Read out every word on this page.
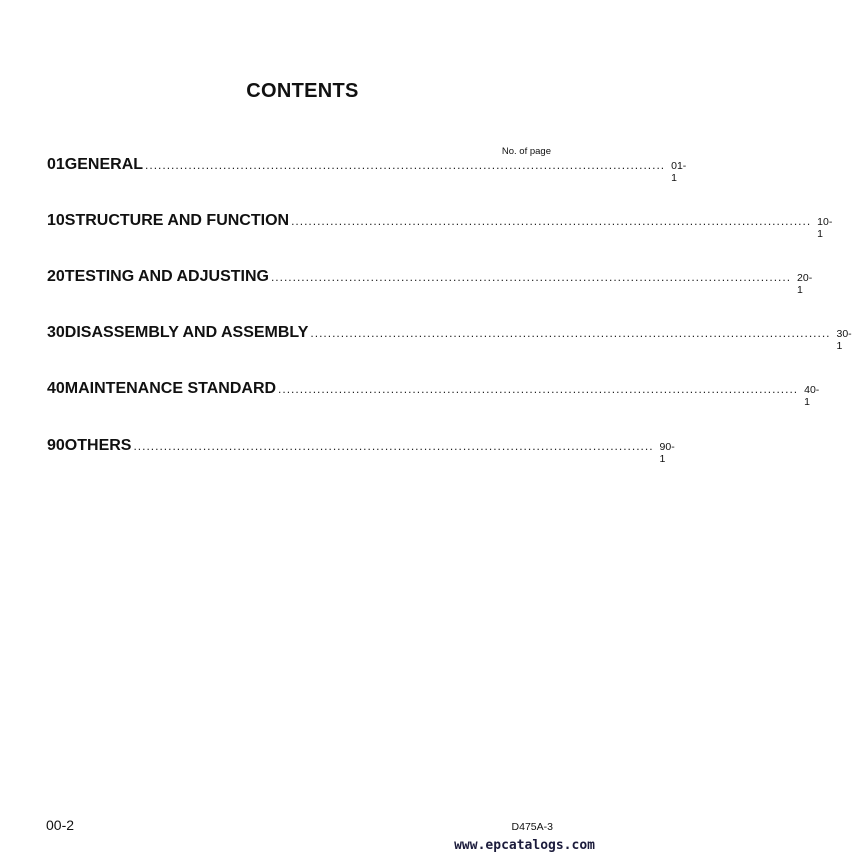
CONTENTS
No. of page
01 GENERAL ........................................................................................................................ 01-1
10 STRUCTURE AND FUNCTION ........................................................................................................................ 10-1
20 TESTING AND ADJUSTING ........................................................................................................................ 20-1
30 DISASSEMBLY AND ASSEMBLY ........................................................................................................................ 30-1
40 MAINTENANCE STANDARD ........................................................................................................................ 40-1
90 OTHERS ........................................................................................................................ 90-1
00-2	D475A-3
www.epcatalogs.com
